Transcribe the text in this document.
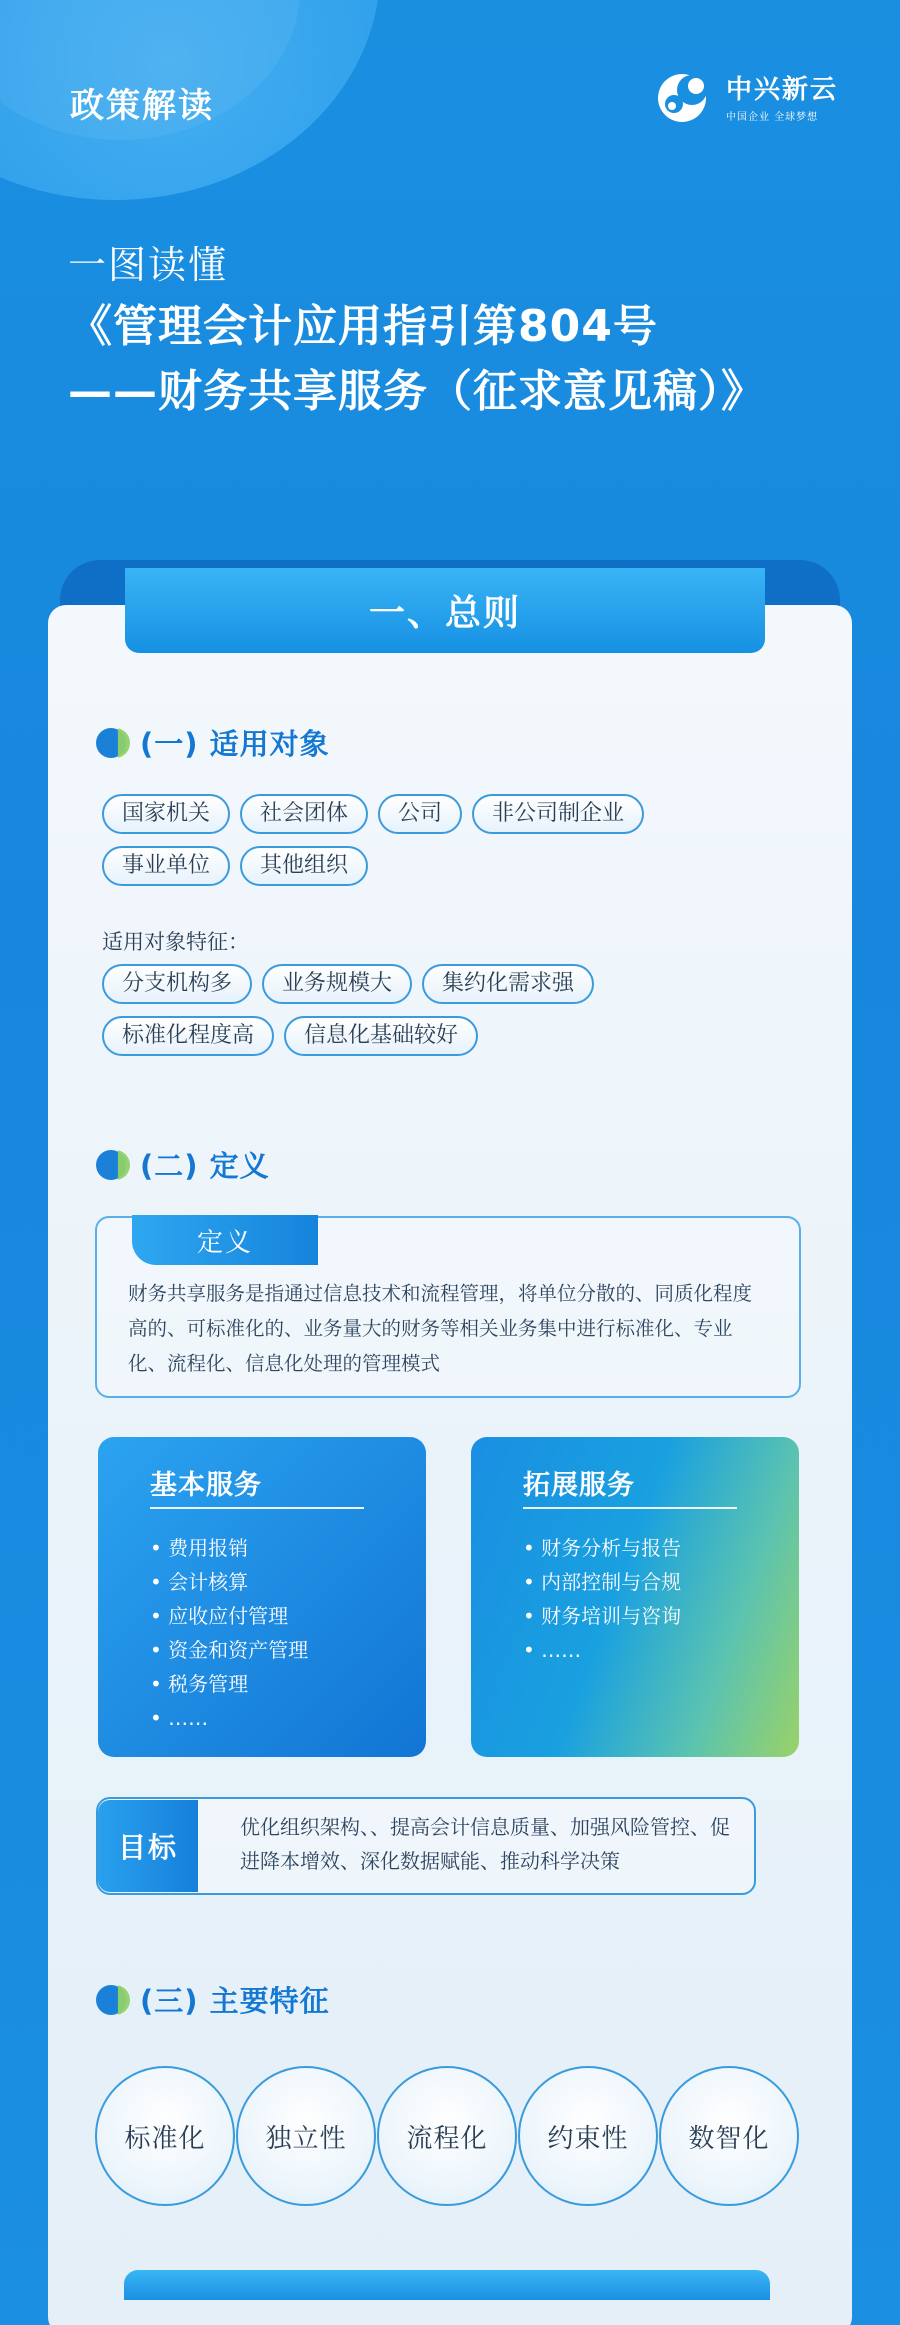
政策解读	中兴新云
中国企业 全球梦想
一图读懂
《管理会计应用指引第804号
——财务共享服务（征求意见稿）》
一、总则
(一) 适用对象
国家机关	社会团体	公司	非公司制企业
事业单位	其他组织
适用对象特征：
分支机构多	业务规模大	集约化需求强
标准化程度高	信息化基础较好
(二) 定义
定义
财务共享服务是指通过信息技术和流程管理，将单位分散的、同质化程度高的、可标准化的、业务量大的财务等相关业务集中进行标准化、专业化、流程化、信息化处理的管理模式
基本服务
• 费用报销
• 会计核算
• 应收应付管理
• 资金和资产管理
• 税务管理
• ……
拓展服务
• 财务分析与报告
• 内部控制与合规
• 财务培训与咨询
• ……
目标
优化组织架构、、提高会计信息质量、加强风险管控、促进降本增效、深化数据赋能、推动科学决策
(三) 主要特征
标准化	独立性	流程化	约束性	数智化
